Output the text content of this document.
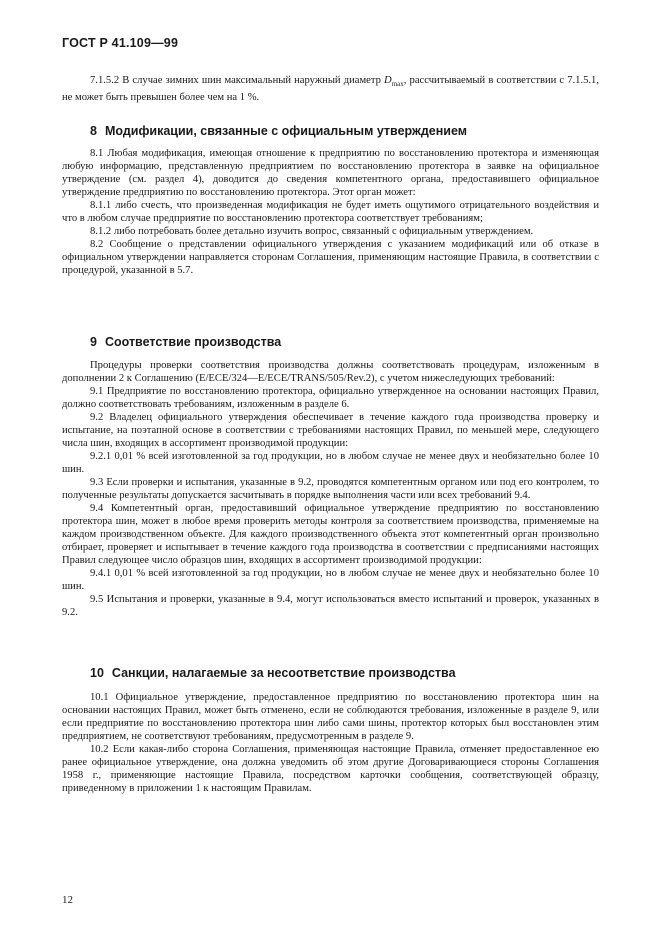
ГОСТ Р 41.109—99

7.1.5.2 В случае зимних шин максимальный наружный диаметр $D_{max}$, рассчитываемый в соответствии с 7.1.5.1, не может быть превышен более чем на 1 %.

8 Модификации, связанные с официальным утверждением

8.1 Любая модификация, имеющая отношение к предприятию по восстановлению протектора и изменяющая любую информацию, представленную предприятием по восстановлению протектора в заявке на официальное утверждение (см. раздел 4), доводится до сведения компетентного органа, предоставившего официальное утверждение предприятию по восстановлению протектора. Этот орган может:

8.1.1 либо счесть, что произведенная модификация не будет иметь ощутимого отрицательного воздействия и что в любом случае предприятие по восстановлению протектора соответствует требованиям;

8.1.2 либо потребовать более детально изучить вопрос, связанный с официальным утверждением.

8.2 Сообщение о представлении официального утверждения с указанием модификаций или об отказе в официальном утверждении направляется сторонам Соглашения, применяющим настоящие Правила, в соответствии с процедурой, указанной в 5.7.

9 Соответствие производства

Процедуры проверки соответствия производства должны соответствовать процедурам, изложенным в дополнении 2 к Соглашению (E/ECE/324—E/ECE/TRANS/505/Rev.2), с учетом нижеследующих требований:

9.1 Предприятие по восстановлению протектора, официально утвержденное на основании настоящих Правил, должно соответствовать требованиям, изложенным в разделе 6.

9.2 Владелец официального утверждения обеспечивает в течение каждого года производства проверку и испытание, на поэтапной основе в соответствии с требованиями настоящих Правил, по меньшей мере, следующего числа шин, входящих в ассортимент производимой продукции:

9.2.1 0,01 % всей изготовленной за год продукции, но в любом случае не менее двух и необязательно более 10 шин.

9.3 Если проверки и испытания, указанные в 9.2, проводятся компетентным органом или под его контролем, то полученные результаты допускается засчитывать в порядке выполнения части или всех требований 9.4.

9.4 Компетентный орган, предоставивший официальное утверждение предприятию по восстановлению протектора шин, может в любое время проверить методы контроля за соответствием производства, применяемые на каждом производственном объекте. Для каждого производственного объекта этот компетентный орган произвольно отбирает, проверяет и испытывает в течение каждого года производства в соответствии с предписаниями настоящих Правил следующее число образцов шин, входящих в ассортимент производимой продукции:

9.4.1 0,01 % всей изготовленной за год продукции, но в любом случае не менее двух и необязательно более 10 шин.

9.5 Испытания и проверки, указанные в 9.4, могут использоваться вместо испытаний и проверок, указанных в 9.2.

10 Санкции, налагаемые за несоответствие производства

10.1 Официальное утверждение, предоставленное предприятию по восстановлению протектора шин на основании настоящих Правил, может быть отменено, если не соблюдаются требования, изложенные в разделе 9, или если предприятие по восстановлению протектора шин либо сами шины, протектор которых был восстановлен этим предприятием, не соответствуют требованиям, предусмотренным в разделе 9.

10.2 Если какая-либо сторона Соглашения, применяющая настоящие Правила, отменяет предоставленное ею ранее официальное утверждение, она должна уведомить об этом другие Договаривающиеся стороны Соглашения 1958 г., применяющие настоящие Правила, посредством карточки сообщения, соответствующей образцу, приведенному в приложении 1 к настоящим Правилам.

12
